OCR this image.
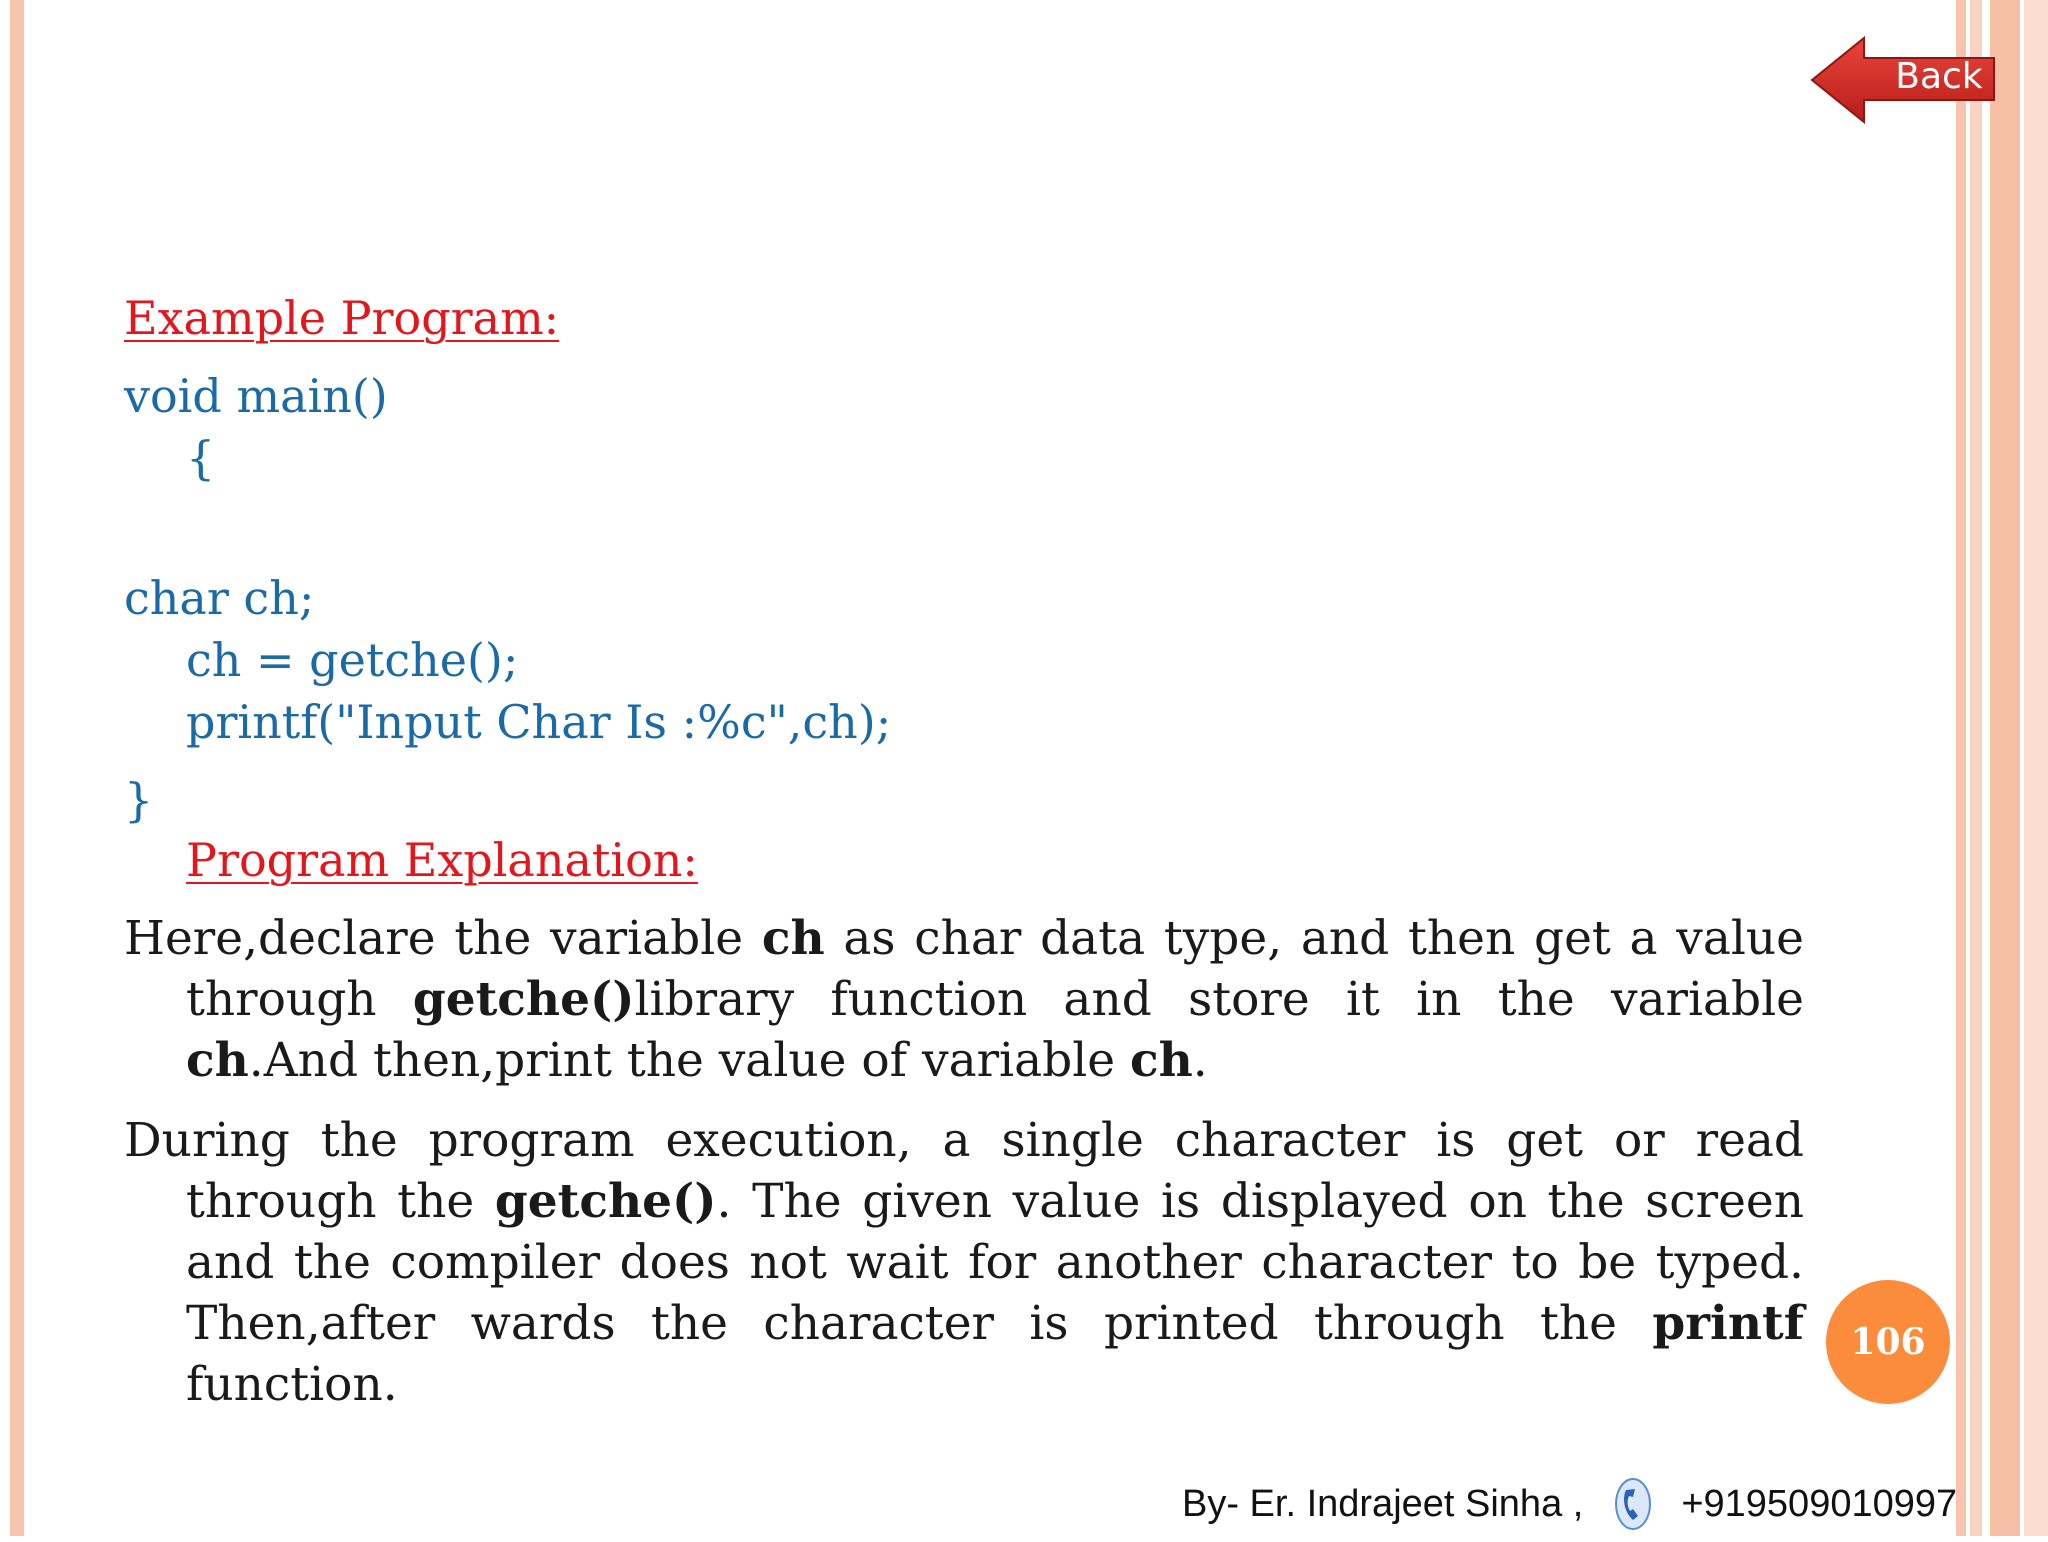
Back
Example Program:
void main()
{
char ch;
ch = getche();
printf("Input Char Is :%c",ch);
}
Program Explanation:
Here,declare the variable ch as char data type, and then get a value through getche()library function and store it in the variable ch.And then,print the value of variable ch.
During the program execution, a single character is get or read through the getche(). The given value is displayed on the screen and the compiler does not wait for another character to be typed. Then,after wards the character is printed through the printf function.
106
By- Er. Indrajeet Sinha ,	+919509010997
